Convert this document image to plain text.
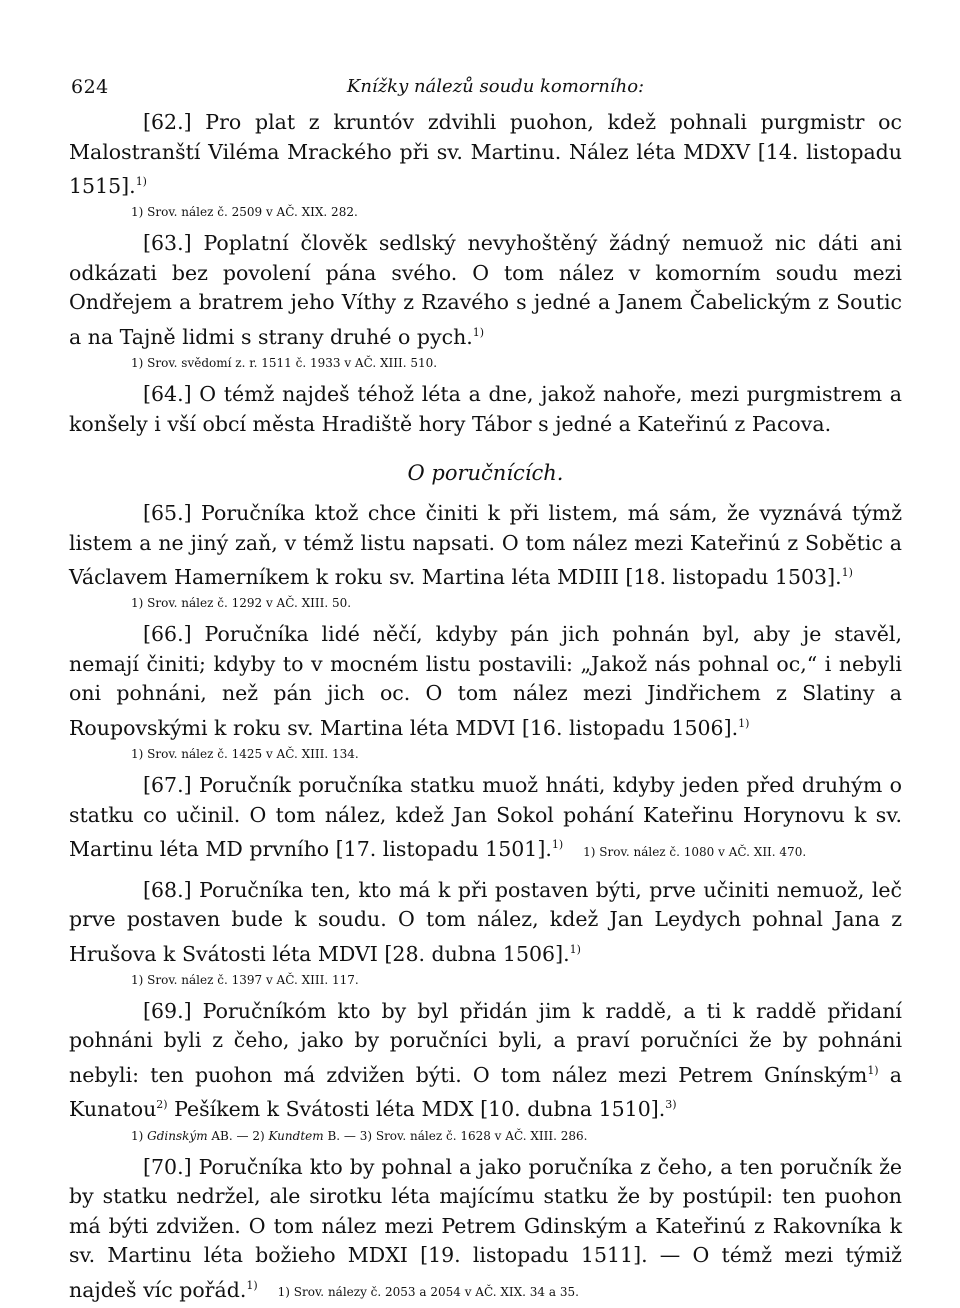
624	Knížky nálezů soudu komorního:

[62.] Pro plat z kruntóv zdvihli puohon, kdež pohnali purgmistr oc Malostranští Viléma Mrackého při sv. Martinu. Nález léta MDXV [14. listopadu 1515].$^{1)}$

1) Srov. nález č. 2509 v AČ. XIX. 282.

[63.] Poplatní člověk sedlský nevyhoštěný žádný nemuož nic dáti ani odkázati bez povolení pána svého. O tom nález v komorním soudu mezi Ondřejem a bratrem jeho Víthy z Rzavého s jedné a Janem Čabelickým z Soutic a na Tajně lidmi s strany druhé o pych.$^{1)}$

1) Srov. svědomí z. r. 1511 č. 1933 v AČ. XIII. 510.

[64.] O témž najdeš téhož léta a dne, jakož nahoře, mezi purgmistrem a konšely i vší obcí města Hradiště hory Tábor s jedné a Kateřinú z Pacova.

O poručnících.

[65.] Poručníka ktož chce činiti k při listem, má sám, že vyznává týmž listem a ne jiný zaň, v témž listu napsati. O tom nález mezi Kateřinú z Sobětic a Václavem Hamerníkem k roku sv. Martina léta MDIII [18. listopadu 1503].$^{1)}$

1) Srov. nález č. 1292 v AČ. XIII. 50.

[66.] Poručníka lidé něčí, kdyby pán jich pohnán byl, aby je stavěl, nemají činiti; kdyby to v mocném listu postavili: „Jakož nás pohnal oc,“ i nebyli oni pohnáni, než pán jich oc. O tom nález mezi Jindřichem z Slatiny a Roupovskými k roku sv. Martina léta MDVI [16. listopadu 1506].$^{1)}$

1) Srov. nález č. 1425 v AČ. XIII. 134.

[67.] Poručník poručníka statku muož hnáti, kdyby jeden před druhým o statku co učinil. O tom nález, kdež Jan Sokol pohání Kateřinu Horynovu k sv. Martinu léta MD prvního [17. listopadu 1501].$^{1)}$1) Srov. nález č. 1080 v AČ. XII. 470.

[68.] Poručníka ten, kto má k při postaven býti, prve učiniti nemuož, leč prve postaven bude k soudu. O tom nález, kdež Jan Leydych pohnal Jana z Hrušova k Svátosti léta MDVI [28. dubna 1506].$^{1)}$

1) Srov. nález č. 1397 v AČ. XIII. 117.

[69.] Poručníkóm kto by byl přidán jim k raddě, a ti k raddě přidaní pohnáni byli z čeho, jako by poručníci byli, a praví poručníci že by pohnáni nebyli: ten puohon má zdvižen býti. O tom nález mezi Petrem Gnínským$^{1)}$ a Kunatou$^{2)}$ Pešíkem k Svátosti léta MDX [10. dubna 1510].$^{3)}$

1) Gdinským AB. — 2) Kundtem B. — 3) Srov. nález č. 1628 v AČ. XIII. 286.

[70.] Poručníka kto by pohnal a jako poručníka z čeho, a ten poručník že by statku nedržel, ale sirotku léta majícímu statku že by postúpil: ten puohon má býti zdvižen. O tom nález mezi Petrem Gdinským a Kateřinú z Rakovníka k sv. Martinu léta božieho MDXI [19. listopadu 1511]. — O témž mezi týmiž najdeš víc pořád.$^{1)}$1) Srov. nálezy č. 2053 a 2054 v AČ. XIX. 34 a 35.
